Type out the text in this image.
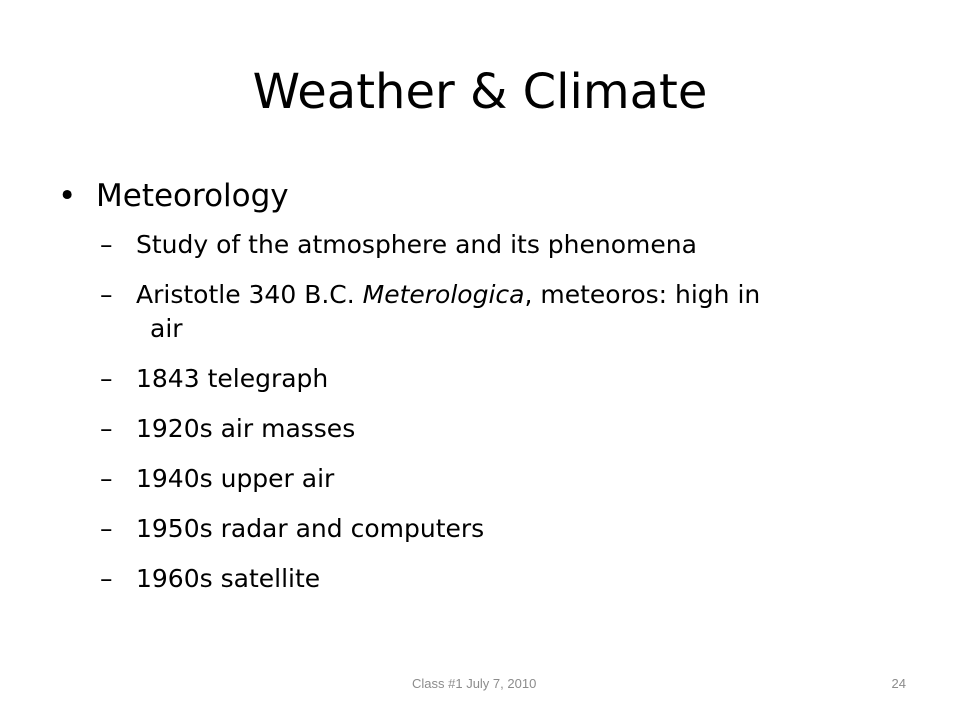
Weather & Climate
• Meteorology
– Study of the atmosphere and its phenomena
– Aristotle 340 B.C. Meterologica, meteoros: high in
air
– 1843 telegraph
– 1920s air masses
– 1940s upper air
– 1950s radar and computers
– 1960s satellite
Class #1 July 7, 2010	24
